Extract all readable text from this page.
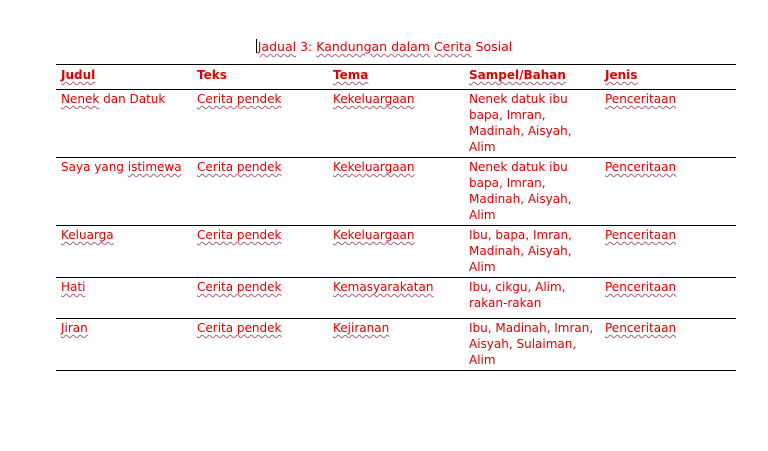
Jadual 3: Kandungan dalam Cerita Sosial
Judul	Teks	Tema	Sampel/Bahan	Jenis
Nenek dan Datuk	Cerita pendek	Kekeluargaan	Nenek datuk ibu bapa, Imran, Madinah, Aisyah, Alim	Penceritaan
Saya yang istimewa	Cerita pendek	Kekeluargaan	Nenek datuk ibu bapa, Imran, Madinah, Aisyah, Alim	Penceritaan
Keluarga	Cerita pendek	Kekeluargaan	Ibu, bapa, Imran, Madinah, Aisyah, Alim	Penceritaan
Hati	Cerita pendek	Kemasyarakatan	Ibu, cikgu, Alim, rakan-rakan	Penceritaan
Jiran	Cerita pendek	Kejiranan	Ibu, Madinah, Imran, Aisyah, Sulaiman, Alim	Penceritaan
